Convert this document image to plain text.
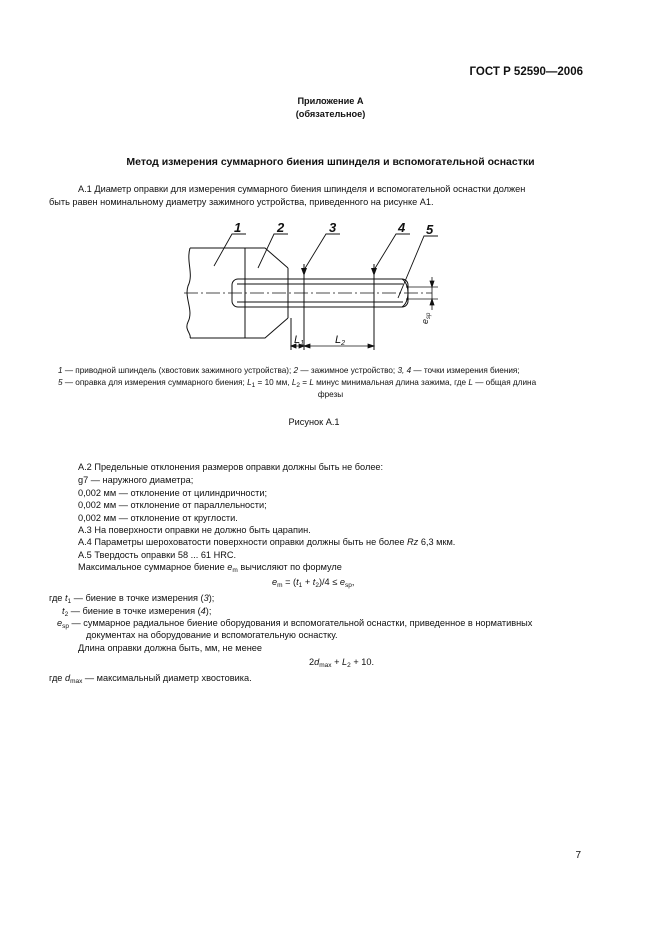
ГОСТ Р 52590—2006
Приложение А
(обязательное)
Метод измерения суммарного биения шпинделя и вспомогательной оснастки
А.1 Диаметр оправки для измерения суммарного биения шпинделя и вспомогательной оснастки должен
быть равен номинальному диаметру зажимного устройства, приведенного на рисунке А1.
1	2	3	4 5
L1	L2
$e_{sp}$
1 — приводной шпиндель (хвостовик зажимного устройства); 2 — зажимное устройство; 3, 4 — точки измерения биения;
5 — оправка для измерения суммарного биения; $L_1 = 10$ мм, $L_2 = L$ минус минимальная длина зажима, где L — общая длина
фрезы
Рисунок А.1
А.2 Предельные отклонения размеров оправки должны быть не более:
g7 — наружного диаметра;
0,002 мм — отклонение от цилиндричности;
0,002 мм — отклонение от параллельности;
0,002 мм — отклонение от круглости.
А.3 На поверхности оправки не должно быть царапин.
А.4 Параметры шероховатости поверхности оправки должны быть не более Rz 6,3 мкм.
А.5 Твердость оправки 58 ... 61 HRC.
Максимальное суммарное биение $e_m$ вычисляют по формуле
$e_m = (t_1 + t_2)/4 \le e_{sp}$,
где $t_1$ — биение в точке измерения (3);
$t_2$ — биение в точке измерения (4);
$e_{sp}$ — суммарное радиальное биение оборудования и вспомогательной оснастки, приведенное в нормативных
документах на оборудование и вспомогательную оснастку.
Длина оправки должна быть, мм, не менее
$2d_{max} + L_2 + 10$.
где $d_{max}$ — максимальный диаметр хвостовика.
7
